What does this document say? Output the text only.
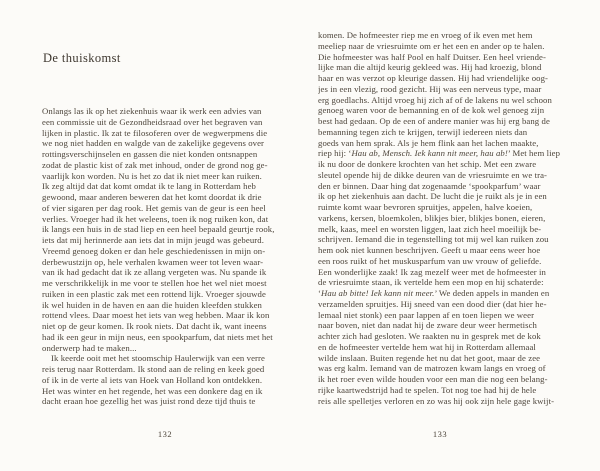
De thuiskomst
Onlangs las ik op het ziekenhuis waar ik werk een advies van
een commissie uit de Gezondheidsraad over het begraven van
lijken in plastic. Ik zat te filosoferen over de wegwerpmens die
we nog niet hadden en walgde van de zakelijke gegevens over
rottingsverschijnselen en gassen die niet konden ontsnappen
zodat de plastic kist of zak met inhoud, onder de grond nog ge-
vaarlijk kon worden. Nu is het zo dat ik niet meer kan ruiken.
Ik zeg altijd dat dat komt omdat ik te lang in Rotterdam heb
gewoond, maar anderen beweren dat het komt doordat ik drie
of vier sigaren per dag rook. Het gemis van de geur is een heel
verlies. Vroeger had ik het weleens, toen ik nog ruiken kon, dat
ik langs een huis in de stad liep en een heel bepaald geurtje rook,
iets dat mij herinnerde aan iets dat in mijn jeugd was gebeurd.
Vreemd genoeg doken er dan hele geschiedenissen in mijn on-
derbewustzijn op, hele verhalen kwamen weer tot leven waar-
van ik had gedacht dat ik ze allang vergeten was. Nu spande ik
me verschrikkelijk in me voor te stellen hoe het wel niet moest
ruiken in een plastic zak met een rottend lijk. Vroeger sjouwde
ik wel huiden in de haven en aan die huiden kleefden stukken
rottend vlees. Daar moest het iets van weg hebben. Maar ik kon
niet op de geur komen. Ik rook niets. Dat dacht ik, want ineens
had ik een geur in mijn neus, een spookparfum, dat niets met het
onderwerp had te maken...
Ik keerde ooit met het stoomschip Haulerwijk van een verre
reis terug naar Rotterdam. Ik stond aan de reling en keek goed
of ik in de verte al iets van Hoek van Holland kon ontdekken.
Het was winter en het regende, het was een donkere dag en ik
dacht eraan hoe gezellig het was juist rond deze tijd thuis te
132
komen. De hofmeester riep me en vroeg of ik even met hem
meeliep naar de vriesruimte om er het een en ander op te halen.
Die hofmeester was half Pool en half Duitser. Een heel vriende-
lijke man die altijd keurig gekleed was. Hij had kroezig, blond
haar en was verzot op kleurige dassen. Hij had vriendelijke oog-
jes in een vlezig, rood gezicht. Hij was een nerveus type, maar
erg goedlachs. Altijd vroeg hij zich af of de lakens nu wel schoon
genoeg waren voor de bemanning en of de kok wel genoeg zijn
best had gedaan. Op de een of andere manier was hij erg bang de
bemanning tegen zich te krijgen, terwijl iedereen niets dan
goeds van hem sprak. Als je hem flink aan het lachen maakte,
riep hij: ‘Hau ab, Mensch. Iek kann nit meer, hau ab!’ Met hem liep
ik nu door de donkere krochten van het schip. Met een zware
sleutel opende hij de dikke deuren van de vriesruimte en we tra-
den er binnen. Daar hing dat zogenaamde ‘spookparfum’ waar
ik op het ziekenhuis aan dacht. De lucht die je ruikt als je in een
ruimte komt waar bevroren spruitjes, appelen, halve koeien,
varkens, kersen, bloemkolen, blikjes bier, blikjes bonen, eieren,
melk, kaas, meel en worsten liggen, laat zich heel moeilijk be-
schrijven. Iemand die in tegenstelling tot mij wel kan ruiken zou
hem ook niet kunnen beschrijven. Geeft u maar eens weer hoe
een roos ruikt of het muskusparfum van uw vrouw of geliefde.
Een wonderlijke zaak! Ik zag mezelf weer met de hofmeester in
de vriesruimte staan, ik vertelde hem een mop en hij schaterde:
‘Hau ab bitte! Iek kann nit meer.’ We deden appels in manden en
verzamelden spruitjes. Hij sneed van een dood dier (dat hier he-
lemaal niet stonk) een paar lappen af en toen liepen we weer
naar boven, niet dan nadat hij de zware deur weer hermetisch
achter zich had gesloten. We raakten nu in gesprek met de kok
en de hofmeester vertelde hem wat hij in Rotterdam allemaal
wilde inslaan. Buiten regende het nu dat het goot, maar de zee
was erg kalm. Iemand van de matrozen kwam langs en vroeg of
ik het roer even wilde houden voor een man die nog een belang-
rijke kaartwedstrijd had te spelen. Tot nog toe had hij de hele
reis alle spelletjes verloren en zo was hij ook zijn hele gage kwijt-
133
